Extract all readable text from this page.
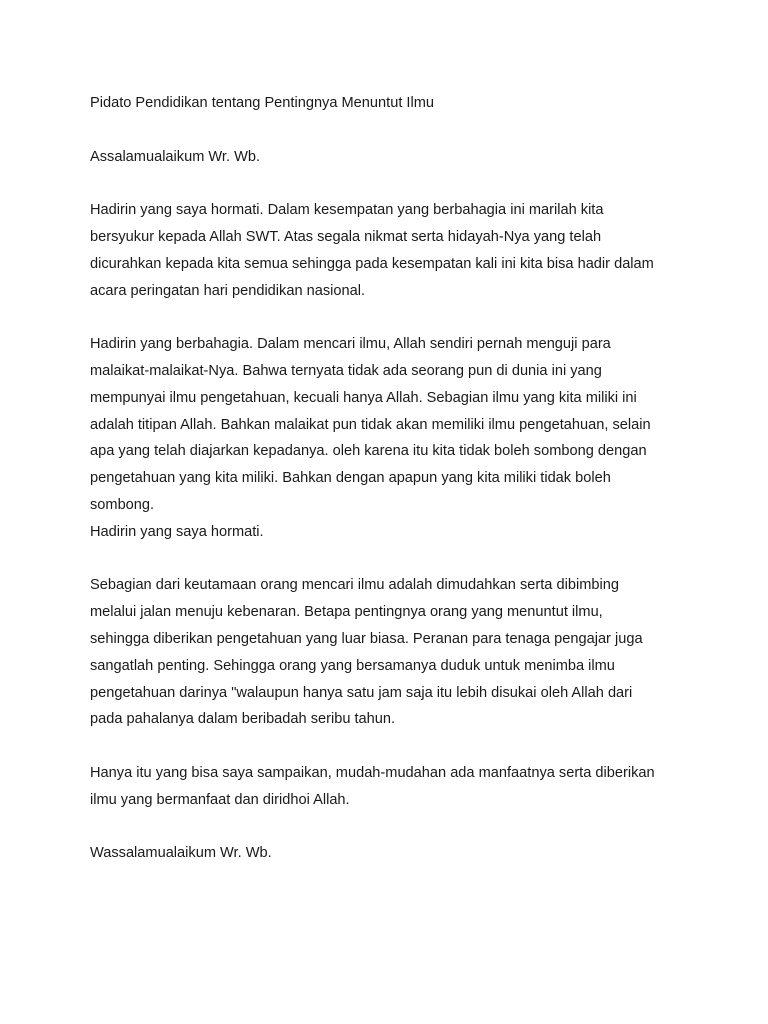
Pidato Pendidikan tentang Pentingnya Menuntut Ilmu
Assalamualaikum Wr. Wb.
Hadirin yang saya hormati. Dalam kesempatan yang berbahagia ini marilah kita
bersyukur kepada Allah SWT. Atas segala nikmat serta hidayah-Nya yang telah
dicurahkan kepada kita semua sehingga pada kesempatan kali ini kita bisa hadir dalam
acara peringatan hari pendidikan nasional.
Hadirin yang berbahagia. Dalam mencari ilmu, Allah sendiri pernah menguji para
malaikat-malaikat-Nya. Bahwa ternyata tidak ada seorang pun di dunia ini yang
mempunyai ilmu pengetahuan, kecuali hanya Allah. Sebagian ilmu yang kita miliki ini
adalah titipan Allah. Bahkan malaikat pun tidak akan memiliki ilmu pengetahuan, selain
apa yang telah diajarkan kepadanya. oleh karena itu kita tidak boleh sombong dengan
pengetahuan yang kita miliki. Bahkan dengan apapun yang kita miliki tidak boleh
sombong.
Hadirin yang saya hormati.
Sebagian dari keutamaan orang mencari ilmu adalah dimudahkan serta dibimbing
melalui jalan menuju kebenaran. Betapa pentingnya orang yang menuntut ilmu,
sehingga diberikan pengetahuan yang luar biasa. Peranan para tenaga pengajar juga
sangatlah penting. Sehingga orang yang bersamanya duduk untuk menimba ilmu
pengetahuan darinya "walaupun hanya satu jam saja itu lebih disukai oleh Allah dari
pada pahalanya dalam beribadah seribu tahun.
Hanya itu yang bisa saya sampaikan, mudah-mudahan ada manfaatnya serta diberikan
ilmu yang bermanfaat dan diridhoi Allah.
Wassalamualaikum Wr. Wb.
